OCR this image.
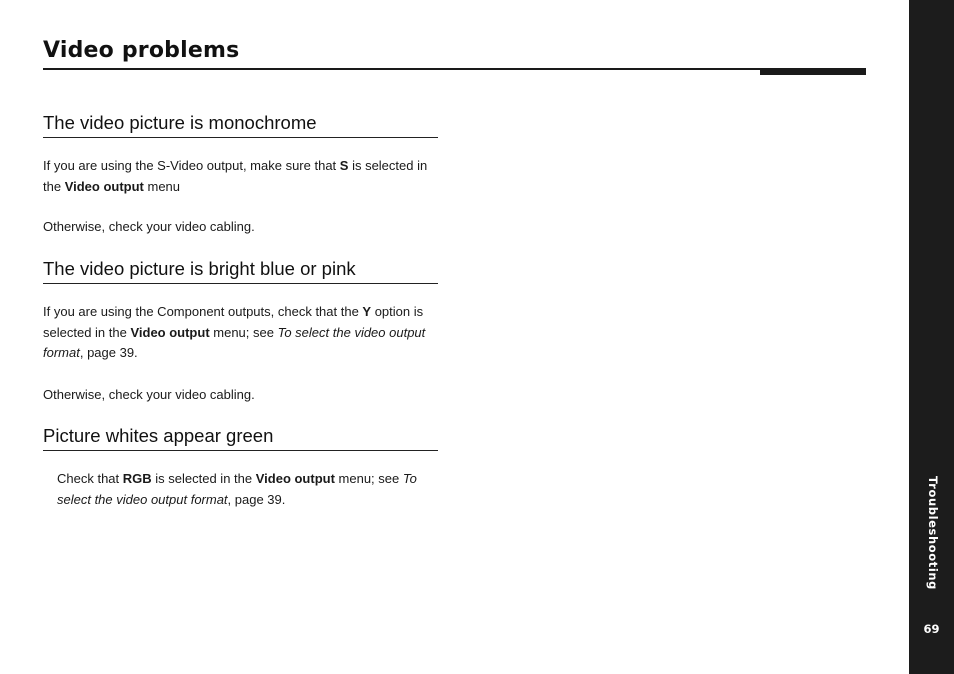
Video problems
The video picture is monochrome

If you are using the S-Video output, make sure that S is selected in the Video output menu

Otherwise, check your video cabling.

The video picture is bright blue or pink

If you are using the Component outputs, check that the Y option is selected in the Video output menu; see To select the video output format, page 39.

Otherwise, check your video cabling.

Picture whites appear green

Check that RGB is selected in the Video output menu; see To select the video output format, page 39.	Troubleshooting
69
